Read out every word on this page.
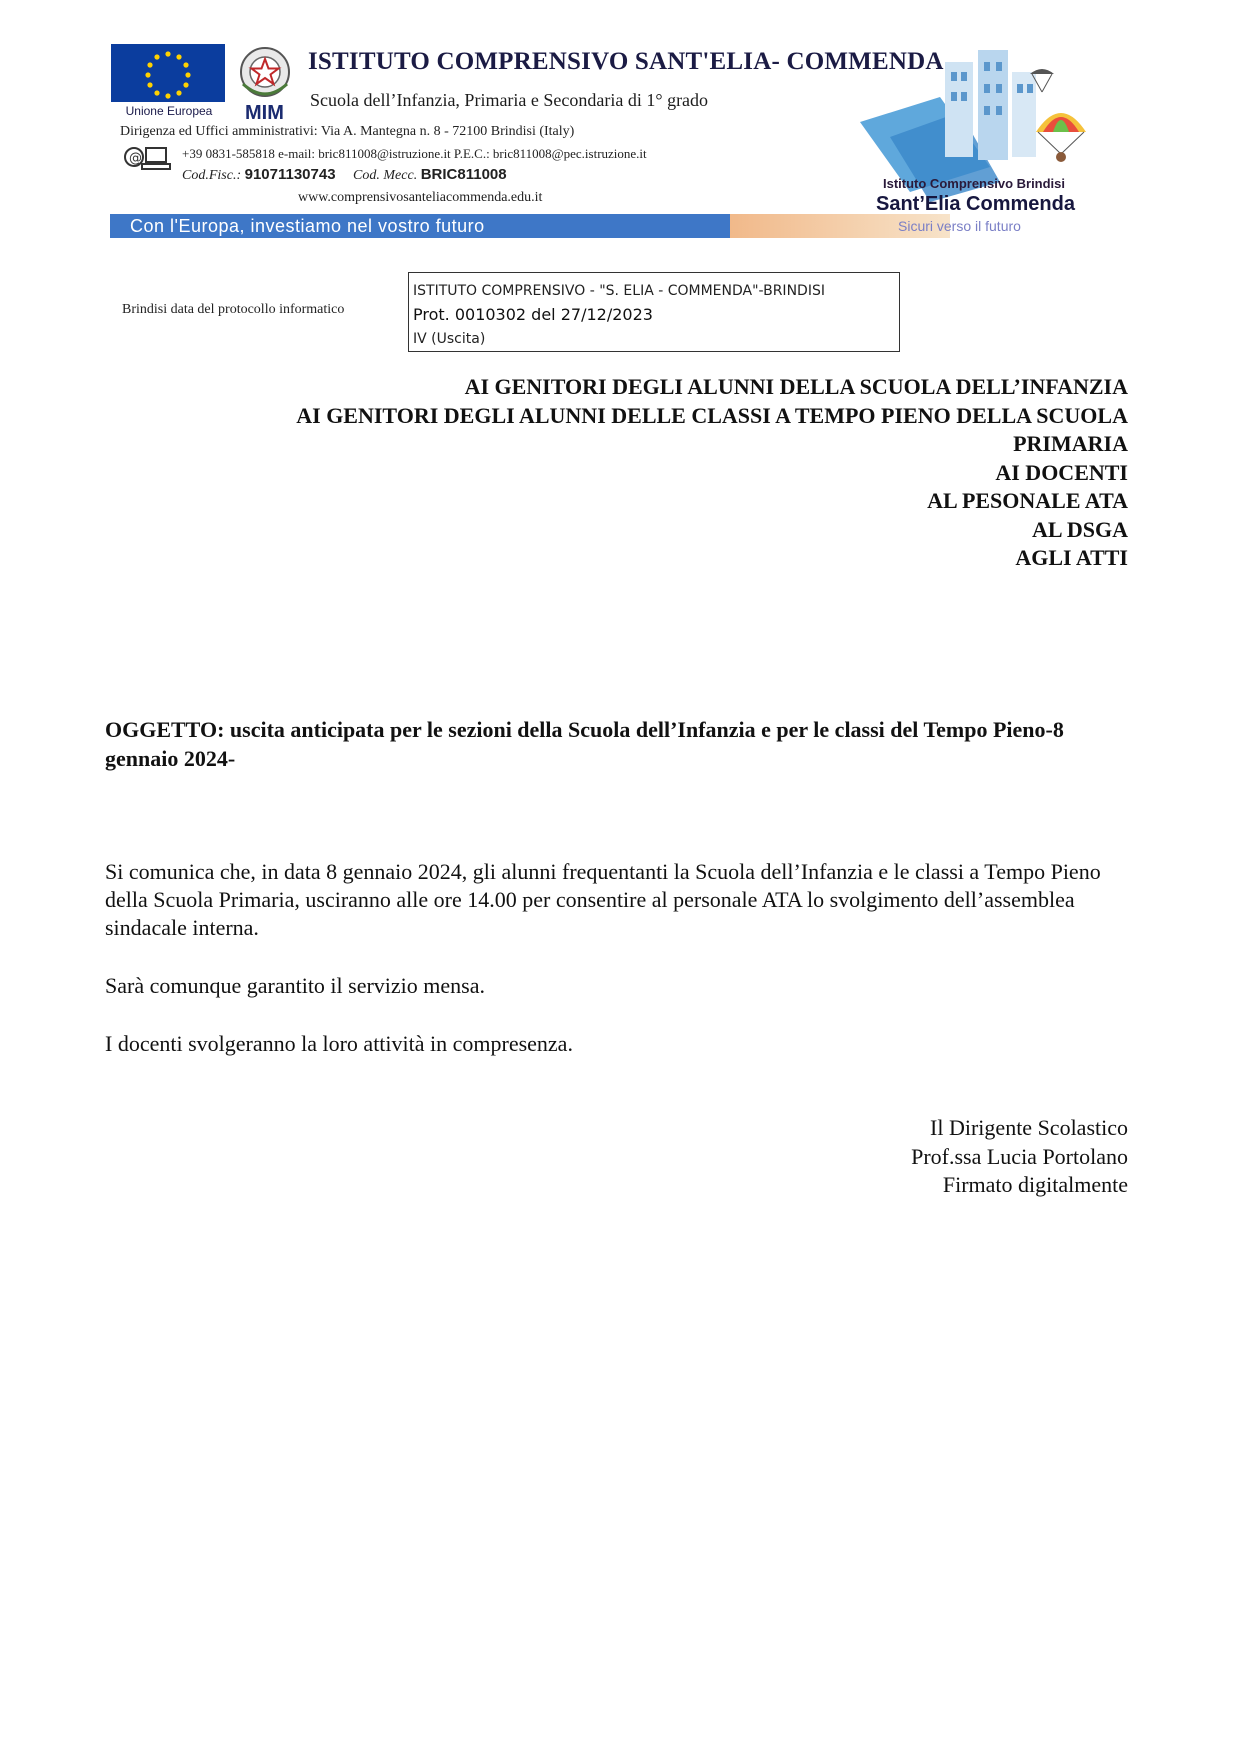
Unione Europea	MIM
ISTITUTO COMPRENSIVO SANT'ELIA- COMMENDA
Scuola dell’Infanzia, Primaria e Secondaria di 1° grado
Dirigenza ed Uffici amministrativi: Via A. Mantegna n. 8 - 72100 Brindisi (Italy)
@	+39 0831-585818 e-mail: bric811008@istruzione.it P.E.C.: bric811008@pec.istruzione.it
Cod.Fisc.: 91071130743 Cod. Mecc. BRIC811008
www.comprensivosanteliacommenda.edu.it
Con l'Europa, investiamo nel vostro futuro
Istituto Comprensivo Brindisi
Sant’Elia Commenda
Sicuri verso il futuro
Brindisi data del protocollo informatico
ISTITUTO COMPRENSIVO - "S. ELIA - COMMENDA"-BRINDISI
Prot. 0010302 del 27/12/2023
IV (Uscita)
AI GENITORI DEGLI ALUNNI DELLA SCUOLA DELL’INFANZIA
AI GENITORI DEGLI ALUNNI DELLE CLASSI A TEMPO PIENO DELLA SCUOLA
PRIMARIA
AI DOCENTI
AL PESONALE ATA
AL DSGA
AGLI ATTI
OGGETTO: uscita anticipata per le sezioni della Scuola dell’Infanzia e per le classi del Tempo Pieno-8 gennaio 2024-

Si comunica che, in data 8 gennaio 2024, gli alunni frequentanti la Scuola dell’Infanzia e le classi a Tempo Pieno della Scuola Primaria, usciranno alle ore 14.00 per consentire al personale ATA lo svolgimento dell’assemblea sindacale interna.

Sarà comunque garantito il servizio mensa.

I docenti svolgeranno la loro attività in compresenza.

Il Dirigente Scolastico
Prof.ssa Lucia Portolano
Firmato digitalmente
